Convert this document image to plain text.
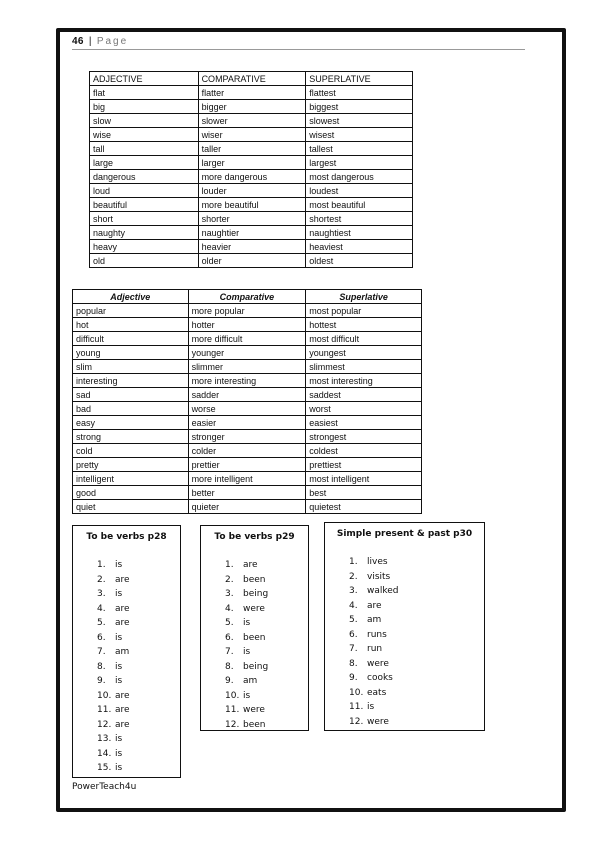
46 | Page
ADJECTIVE	COMPARATIVE	SUPERLATIVE
flat	flatter	flattest
big	bigger	biggest
slow	slower	slowest
wise	wiser	wisest
tall	taller	tallest
large	larger	largest
dangerous	more dangerous	most dangerous
loud	louder	loudest
beautiful	more beautiful	most beautiful
short	shorter	shortest
naughty	naughtier	naughtiest
heavy	heavier	heaviest
old	older	oldest
Adjective	Comparative	Superlative
popular	more popular	most popular
hot	hotter	hottest
difficult	more difficult	most difficult
young	younger	youngest
slim	slimmer	slimmest
interesting	more interesting	most interesting
sad	sadder	saddest
bad	worse	worst
easy	easier	easiest
strong	stronger	strongest
cold	colder	coldest
pretty	prettier	prettiest
intelligent	more intelligent	most intelligent
good	better	best
quiet	quieter	quietest
To be verbs p28
1. is
2. are
3. is
4. are
5. are
6. is
7. am
8. is
9. is
10. are
11. are
12. are
13. is
14. is
15. is
To be verbs p29
1. are
2. been
3. being
4. were
5. is
6. been
7. is
8. being
9. am
10. is
11. were
12. been
Simple present & past p30
1. lives
2. visits
3. walked
4. are
5. am
6. runs
7. run
8. were
9. cooks
10. eats
11. is
12. were
PowerTeach4u
